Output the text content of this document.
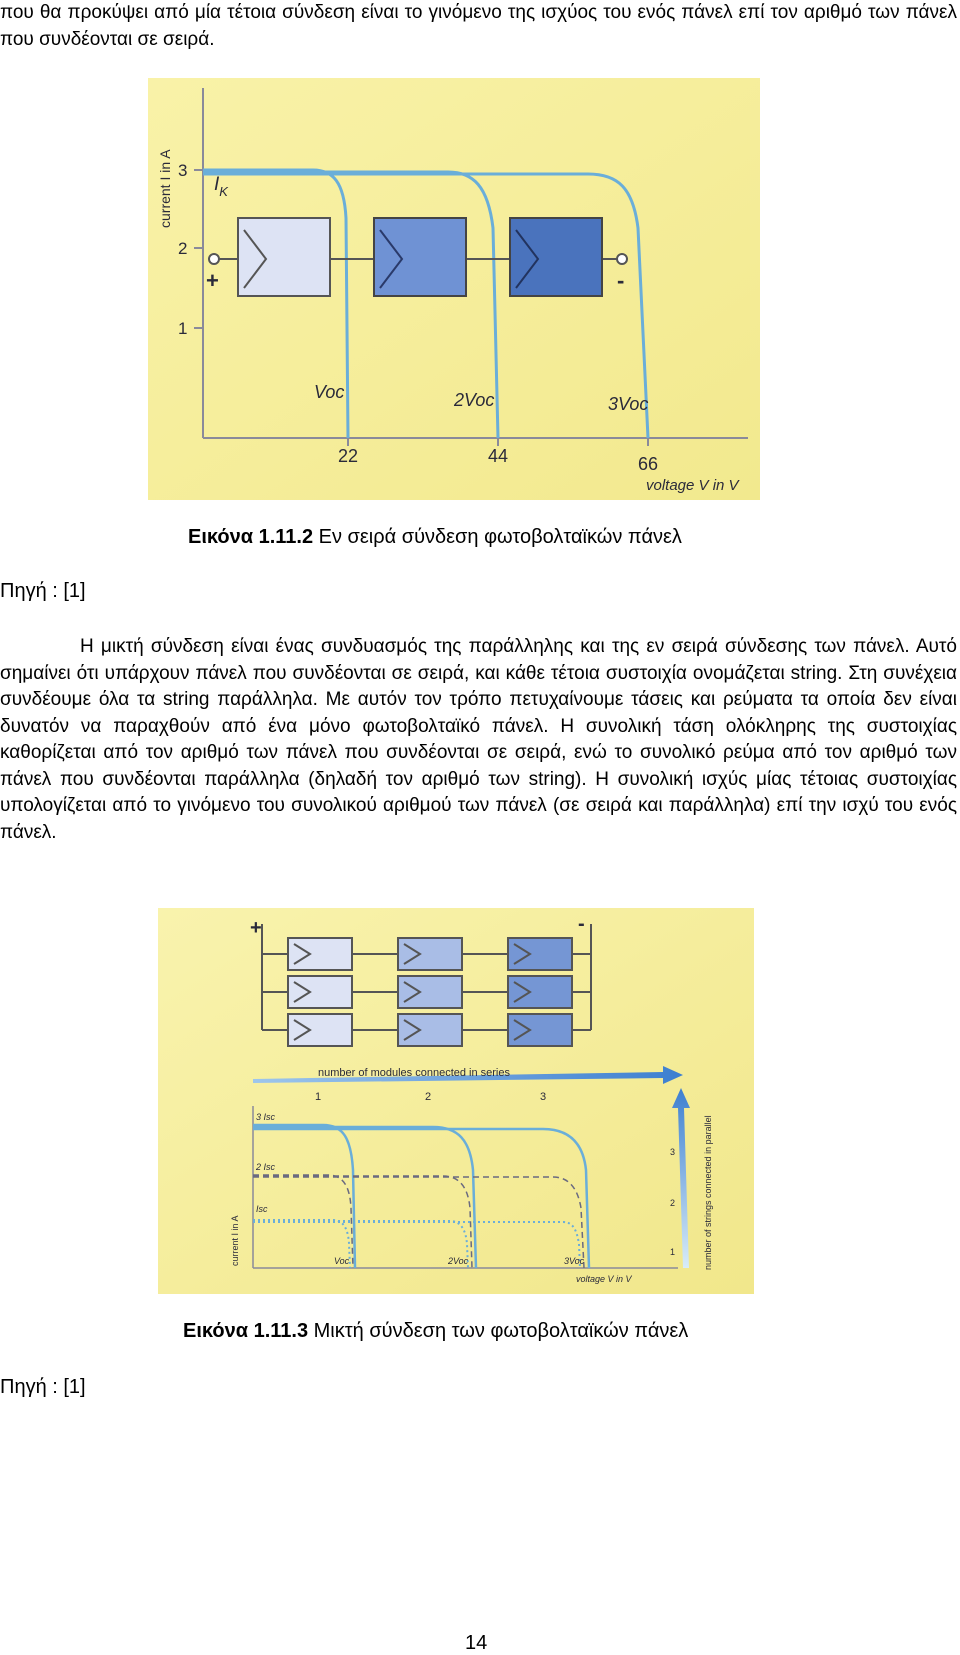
που θα προκύψει από μία τέτοια σύνδεση είναι το γινόμενο της ισχύος του ενός πάνελ επί τον αριθμό των πάνελ που συνδέονται σε σειρά.

current I in A
1
2
3
$I_K$
+	-
Voc	2Voc	3Voc
22	44	66
voltage V in V
Εικόνα 1.11.2 Εν σειρά σύνδεση φωτοβολταϊκών πάνελ
Πηγή : [1]

Η μικτή σύνδεση είναι ένας συνδυασμός της παράλληλης και της εν σειρά σύνδεσης των πάνελ. Αυτό σημαίνει ότι υπάρχουν πάνελ που συνδέονται σε σειρά, και κάθε τέτοια συστοιχία ονομάζεται string. Στη συνέχεια συνδέουμε όλα τα string παράλληλα. Με αυτόν τον τρόπο πετυχαίνουμε τάσεις και ρεύματα τα οποία δεν είναι δυνατόν να παραχθούν από ένα μόνο φωτοβολταϊκό πάνελ. Η συνολική τάση ολόκληρης της συστοιχίας καθορίζεται από τον αριθμό των πάνελ που συνδέονται σε σειρά, ενώ το συνολικό ρεύμα από τον αριθμό των πάνελ που συνδέονται παράλληλα (δηλαδή τον αριθμό των string). Η συνολική ισχύς μίας τέτοιας συστοιχίας υπολογίζεται από το γινόμενο του συνολικού αριθμού των πάνελ (σε σειρά και παράλληλα) επί την ισχύ του ενός πάνελ.

+	-
number of modules connected in series
1	2	3
current I in A
3 Isc
2 Isc
Isc
Voc	2Voc	3Voc
voltage V in V
1
2
3	number of strings connected in parallel
Εικόνα 1.11.3 Μικτή σύνδεση των φωτοβολταϊκών πάνελ
Πηγή : [1]
14
